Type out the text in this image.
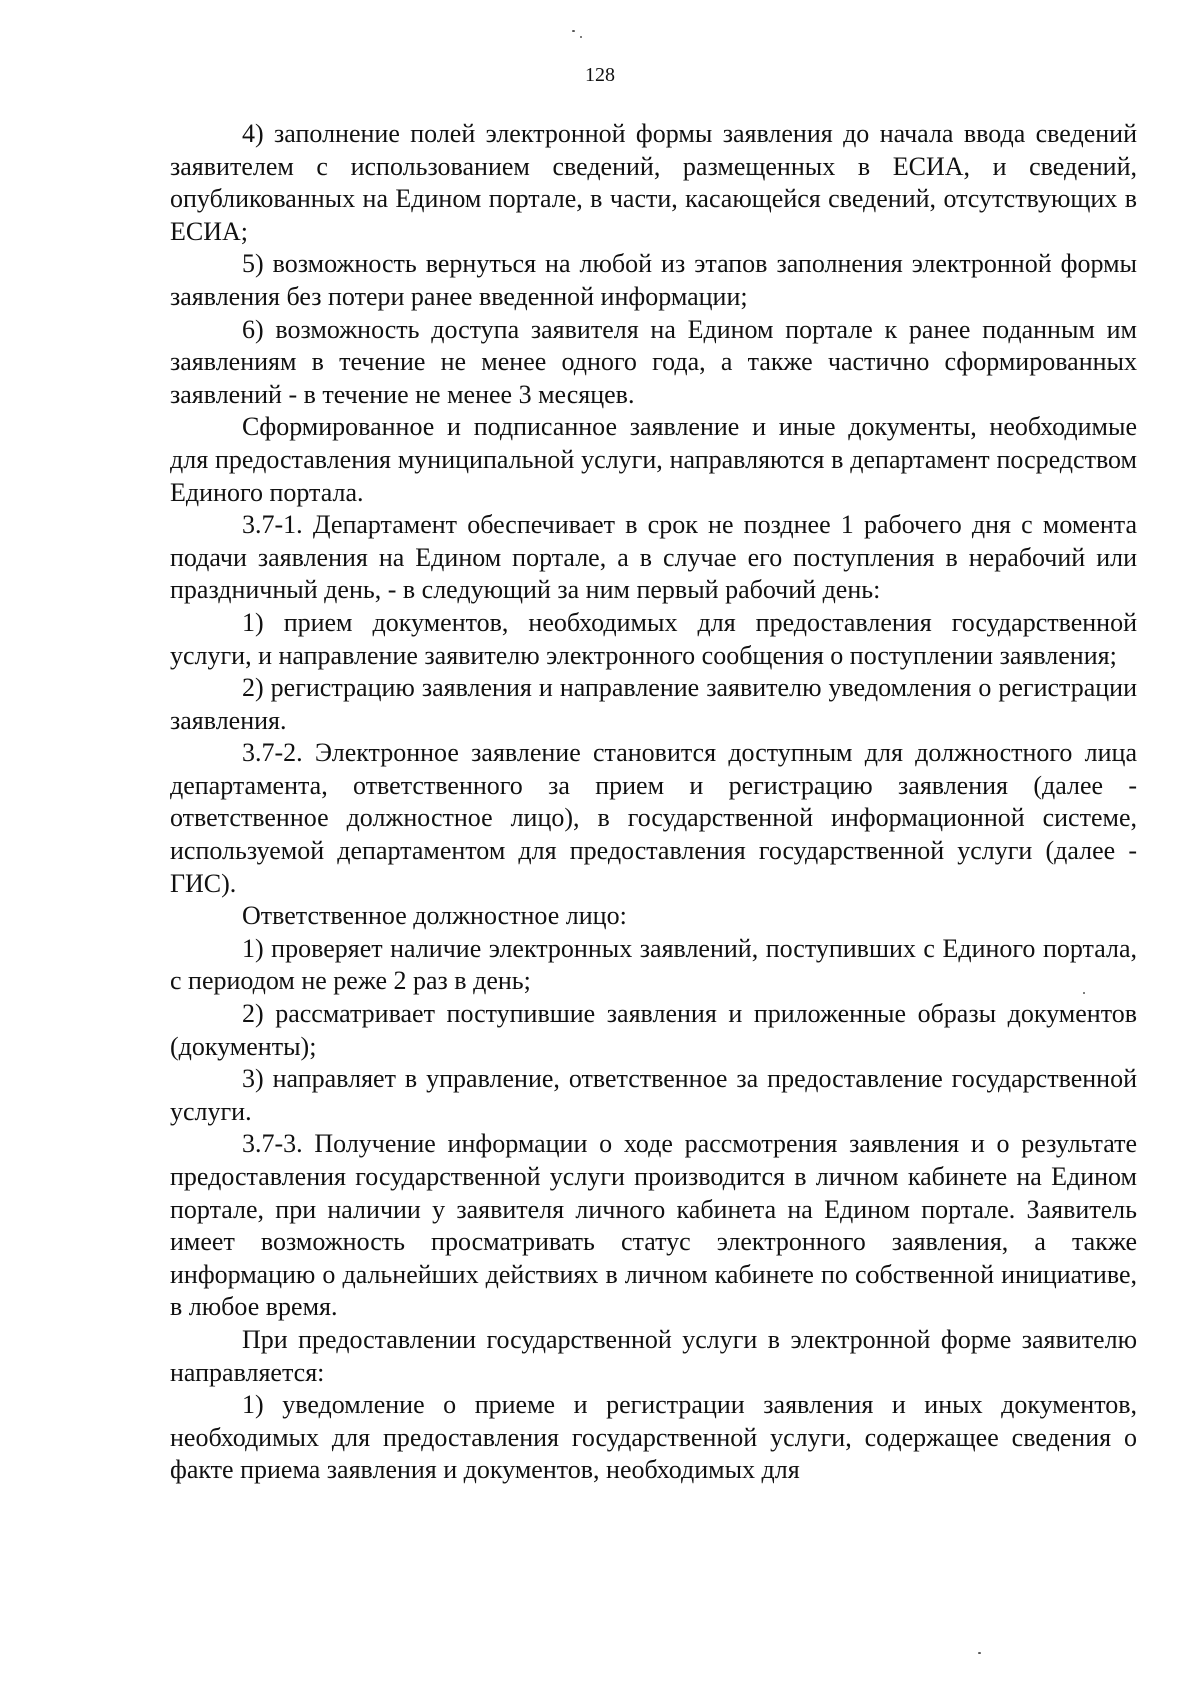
128

4) заполнение полей электронной формы заявления до начала ввода сведений заявителем с использованием сведений, размещенных в ЕСИА, и сведений, опубликованных на Едином портале, в части, касающейся сведений, отсутствующих в ЕСИА;

5) возможность вернуться на любой из этапов заполнения электронной формы заявления без потери ранее введенной информации;

6) возможность доступа заявителя на Едином портале к ранее поданным им заявлениям в течение не менее одного года, а также частично сформированных заявлений - в течение не менее 3 месяцев.

Сформированное и подписанное заявление и иные документы, необходимые для предоставления муниципальной услуги, направляются в департамент посредством Единого портала.

3.7-1. Департамент обеспечивает в срок не позднее 1 рабочего дня с момента подачи заявления на Едином портале, а в случае его поступления в нерабочий или праздничный день, - в следующий за ним первый рабочий день:

1) прием документов, необходимых для предоставления государственной услуги, и направление заявителю электронного сообщения о поступлении заявления;

2) регистрацию заявления и направление заявителю уведомления о регистрации заявления.

3.7-2. Электронное заявление становится доступным для должностного лица департамента, ответственного за прием и регистрацию заявления (далее - ответственное должностное лицо), в государственной информационной системе, используемой департаментом для предоставления государственной услуги (далее - ГИС).

Ответственное должностное лицо:

1) проверяет наличие электронных заявлений, поступивших с Единого портала, с периодом не реже 2 раз в день;

2) рассматривает поступившие заявления и приложенные образы документов (документы);

3) направляет в управление, ответственное за предоставление государственной услуги.

3.7-3. Получение информации о ходе рассмотрения заявления и о результате предоставления государственной услуги производится в личном кабинете на Едином портале, при наличии у заявителя личного кабинета на Едином портале. Заявитель имеет возможность просматривать статус электронного заявления, а также информацию о дальнейших действиях в личном кабинете по собственной инициативе, в любое время.

При предоставлении государственной услуги в электронной форме заявителю направляется:

1) уведомление о приеме и регистрации заявления и иных документов, необходимых для предоставления государственной услуги, содержащее сведения о факте приема заявления и документов, необходимых для
